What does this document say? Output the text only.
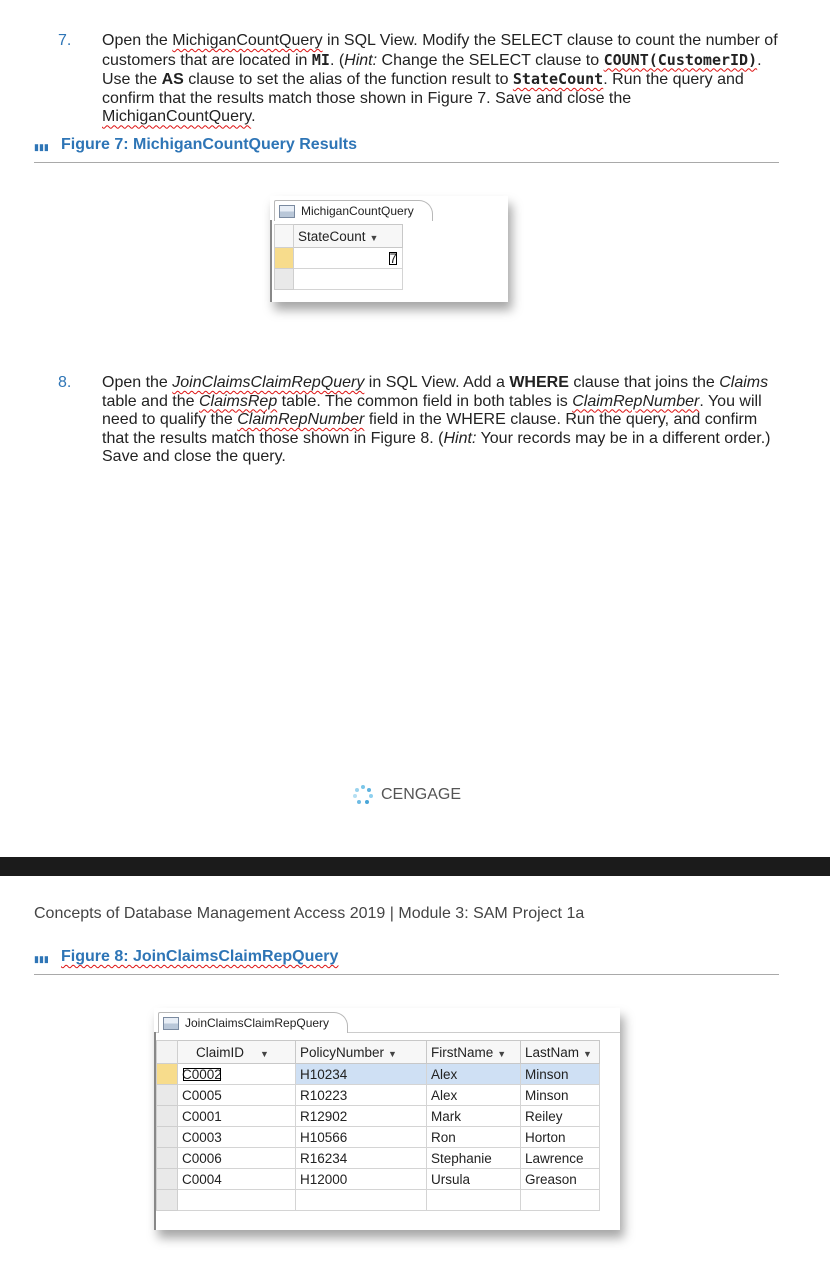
7. Open the MichiganCountQuery in SQL View. Modify the SELECT clause to count the number of customers that are located in MI. (Hint: Change the SELECT clause to COUNT(CustomerID). Use the AS clause to set the alias of the function result to StateCount. Run the query and confirm that the results match those shown in Figure 7. Save and close the MichiganCountQuery.
▮▮▮ Figure 7: MichiganCountQuery Results
MichiganCountQuery
	StateCount ▼
	7

8. Open the JoinClaimsClaimRepQuery in SQL View. Add a WHERE clause that joins the Claims table and the ClaimsRep table. The common field in both tables is ClaimRepNumber. You will need to qualify the ClaimRepNumber field in the WHERE clause. Run the query, and confirm that the results match those shown in Figure 8. (Hint: Your records may be in a different order.) Save and close the query.
CENGAGE
Concepts of Database Management Access 2019 | Module 3: SAM Project 1a
▮▮▮ Figure 8: JoinClaimsClaimRepQuery
JoinClaimsClaimRepQuery
	ClaimID ▼	PolicyNumber ▼	FirstName ▼	LastNam ▼
	C0002	H10234	Alex	Minson
	C0005	R10223	Alex	Minson
	C0001	R12902	Mark	Reiley
	C0003	H10566	Ron	Horton
	C0006	R16234	Stephanie	Lawrence
	C0004	H12000	Ursula	Greason
